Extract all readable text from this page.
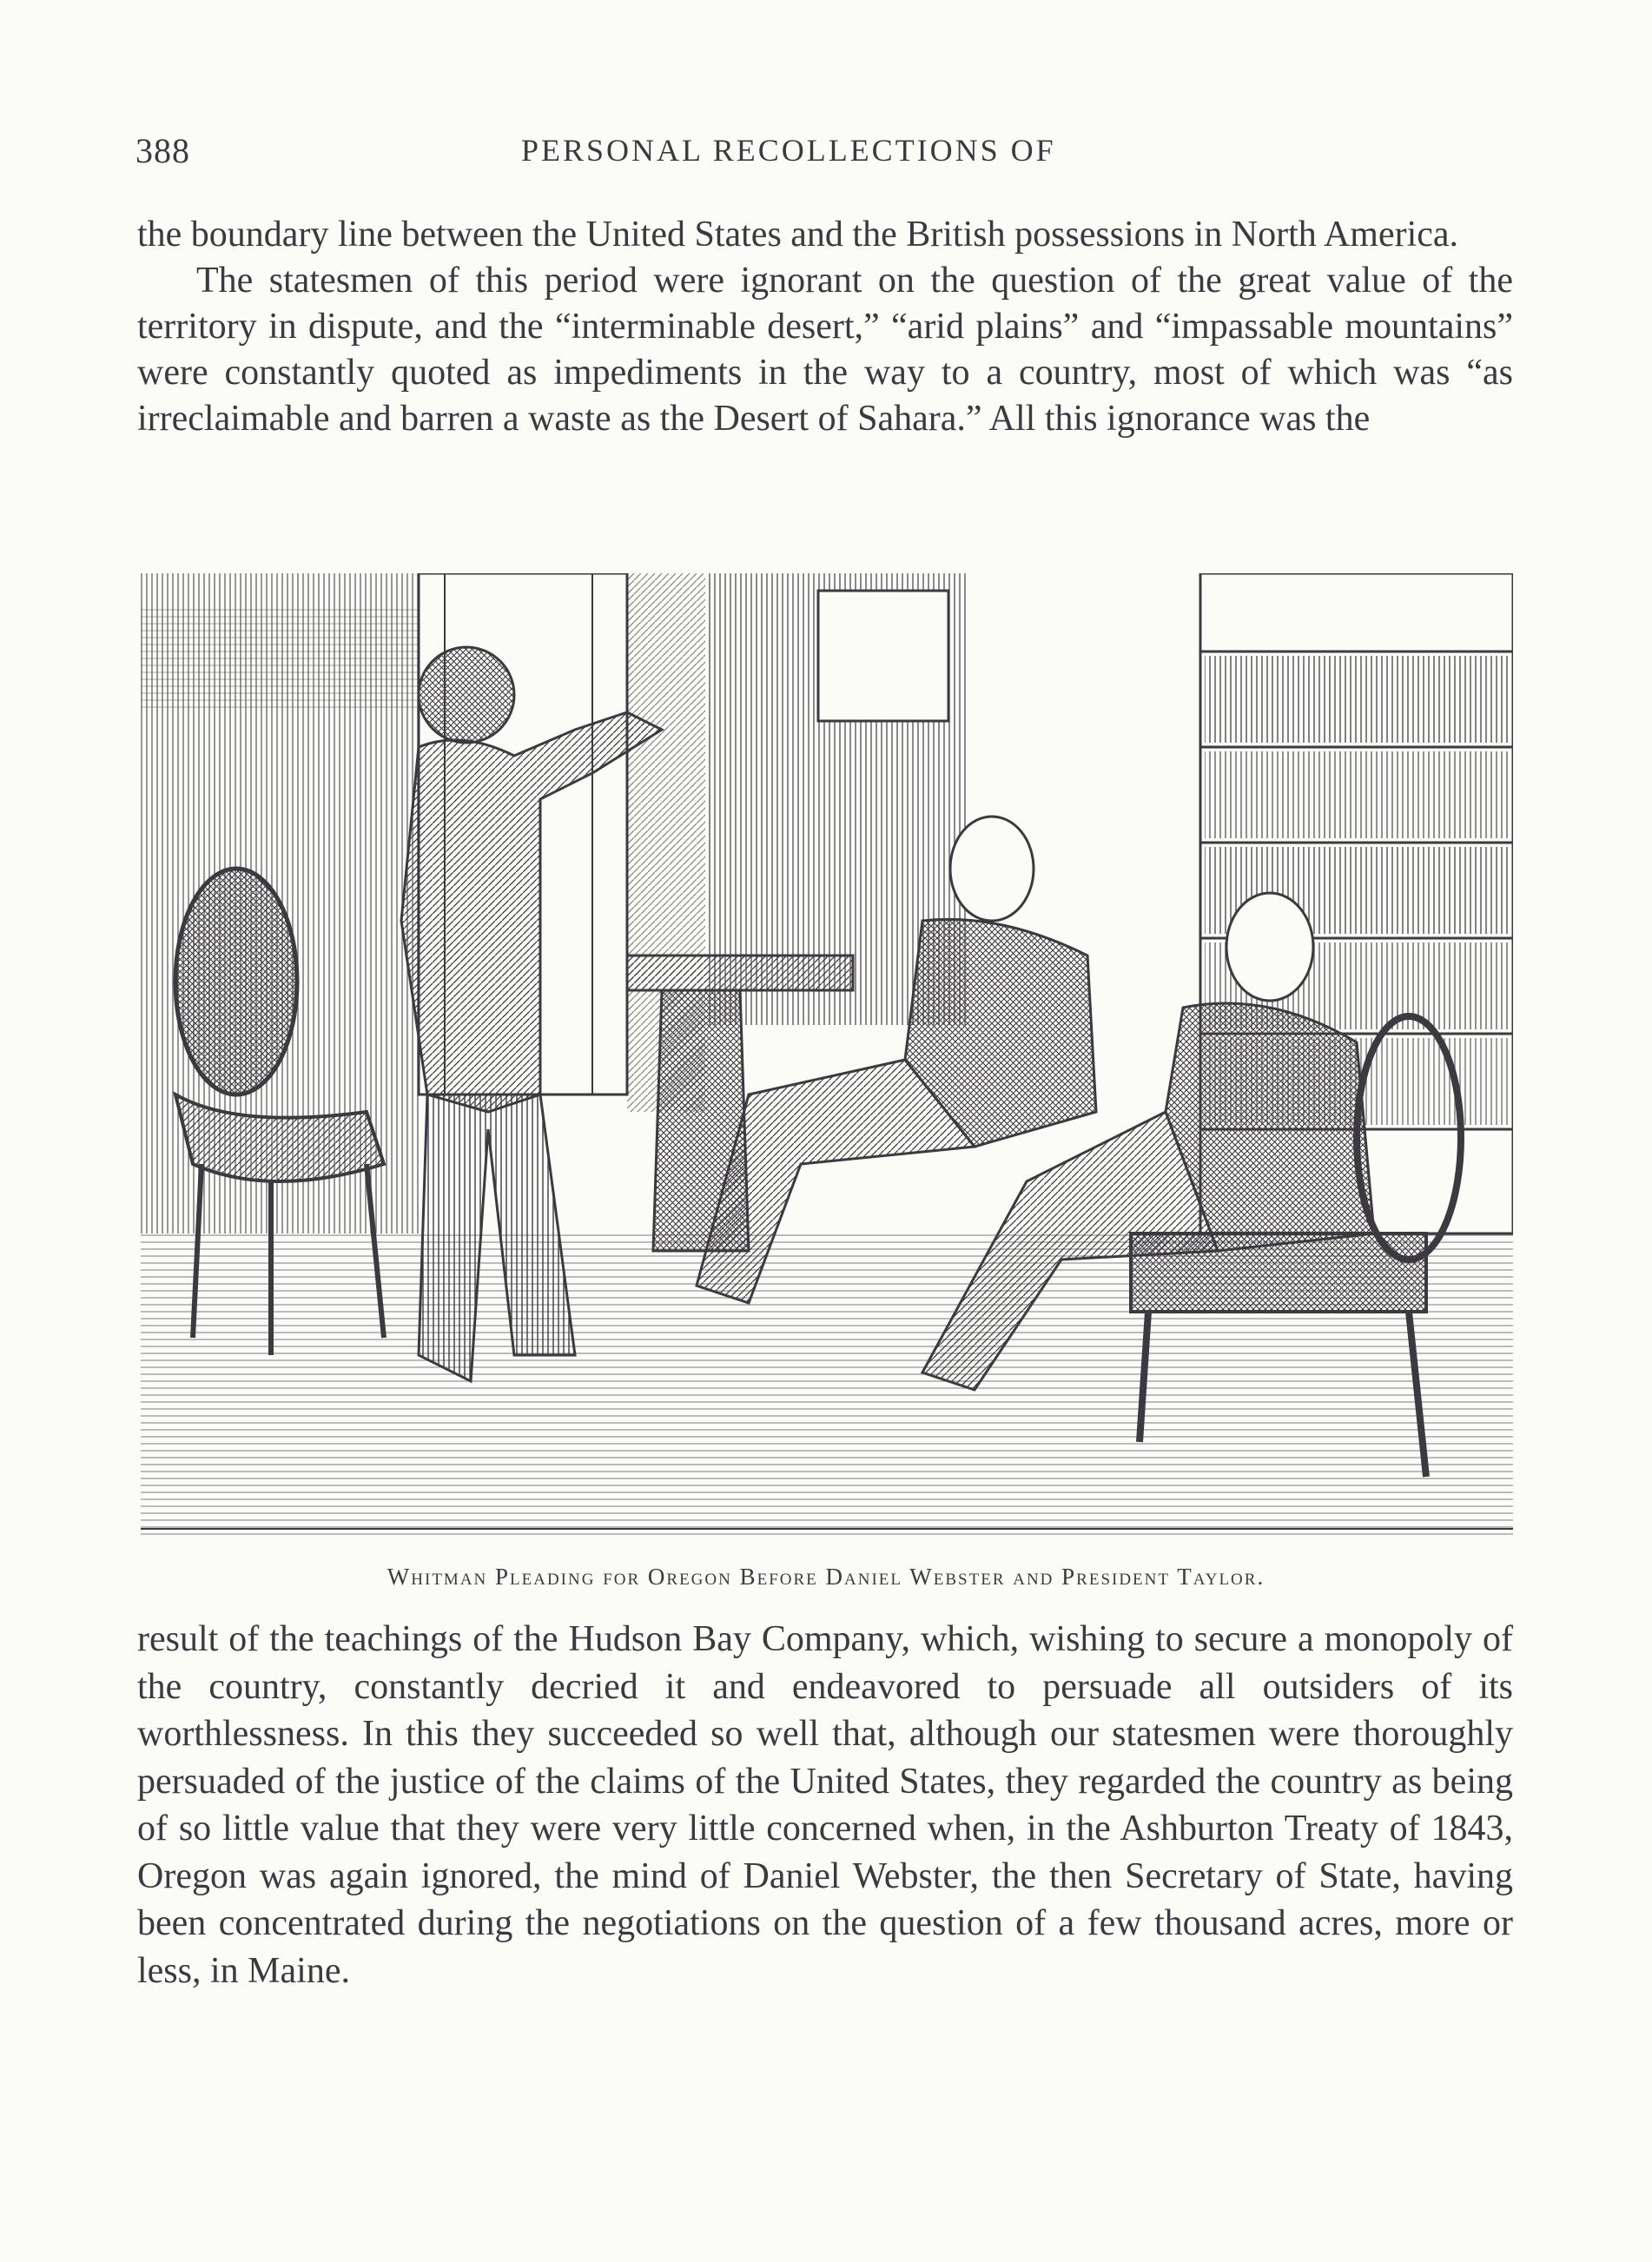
388	PERSONAL RECOLLECTIONS OF

the boundary line between the United States and the British possessions in North America.

The statesmen of this period were ignorant on the question of the great value of the territory in dispute, and the “interminable desert,” “arid plains” and “impassable mountains” were constantly quoted as impediments in the way to a country, most of which was “as irreclaimable and barren a waste as the Desert of Sahara.” All this ignorance was the

Whitman Pleading for Oregon Before Daniel Webster and President Taylor.

result of the teachings of the Hudson Bay Company, which, wishing to secure a monopoly of the country, constantly decried it and endeavored to persuade all outsiders of its worthlessness. In this they succeeded so well that, although our statesmen were thoroughly persuaded of the justice of the claims of the United States, they regarded the country as being of so little value that they were very little concerned when, in the Ashburton Treaty of 1843, Oregon was again ignored, the mind of Daniel Webster, the then Secretary of State, having been concentrated during the negotiations on the question of a few thousand acres, more or less, in Maine.
